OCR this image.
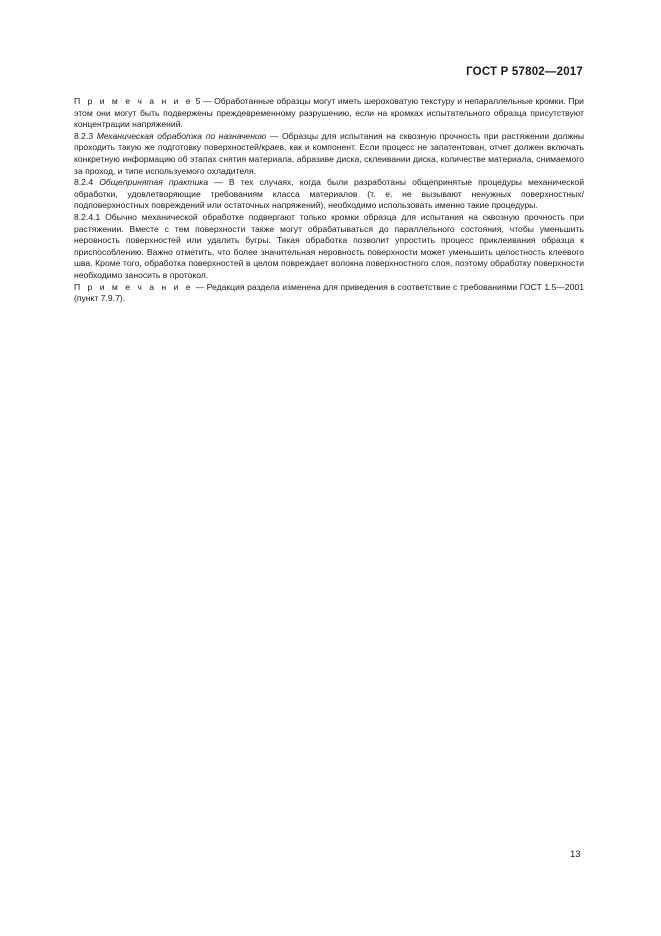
ГОСТ Р 57802—2017

П р и м е ч а н и е 5 — Обработанные образцы могут иметь шероховатую текстуру и непараллельные кромки. При этом они могут быть подвержены преждевременному разрушению, если на кромках испытательного образца присутствуют концентрации напряжений.

8.2.3 Механическая обработка по назначению — Образцы для испытания на сквозную прочность при растяжении должны проходить такую же подготовку поверхностей/краев, как и компонент. Если процесс не запатентован, отчет должен включать конкретную информацию об этапах снятия материала, абразиве диска, склеивании диска, количестве материала, снимаемого за проход, и типе используемого охладителя.

8.2.4 Общепринятая практика — В тех случаях, когда были разработаны общепринятые процедуры механической обработки, удовлетворяющие требованиям класса материалов (т. е. не вызывают ненужных поверхностных/подповерхностных повреждений или остаточных напряжений), необходимо использовать именно такие процедуры.

8.2.4.1 Обычно механической обработке подвергают только кромки образца для испытания на сквозную прочность при растяжении. Вместе с тем поверхности также могут обрабатываться до параллельного состояния, чтобы уменьшить неровность поверхностей или удалить бугры. Такая обработка позволит упростить процесс приклеивания образца к приспособлению. Важно отметить, что более значительная неровность поверхности может уменьшить целостность клеевого шва. Кроме того, обработка поверхностей в целом повреждает волокна поверхностного слоя, поэтому обработку поверхности необходимо заносить в протокол.

П р и м е ч а н и е — Редакция раздела изменена для приведения в соответствие с требованиями ГОСТ 1.5—2001 (пункт 7.9.7).

13
